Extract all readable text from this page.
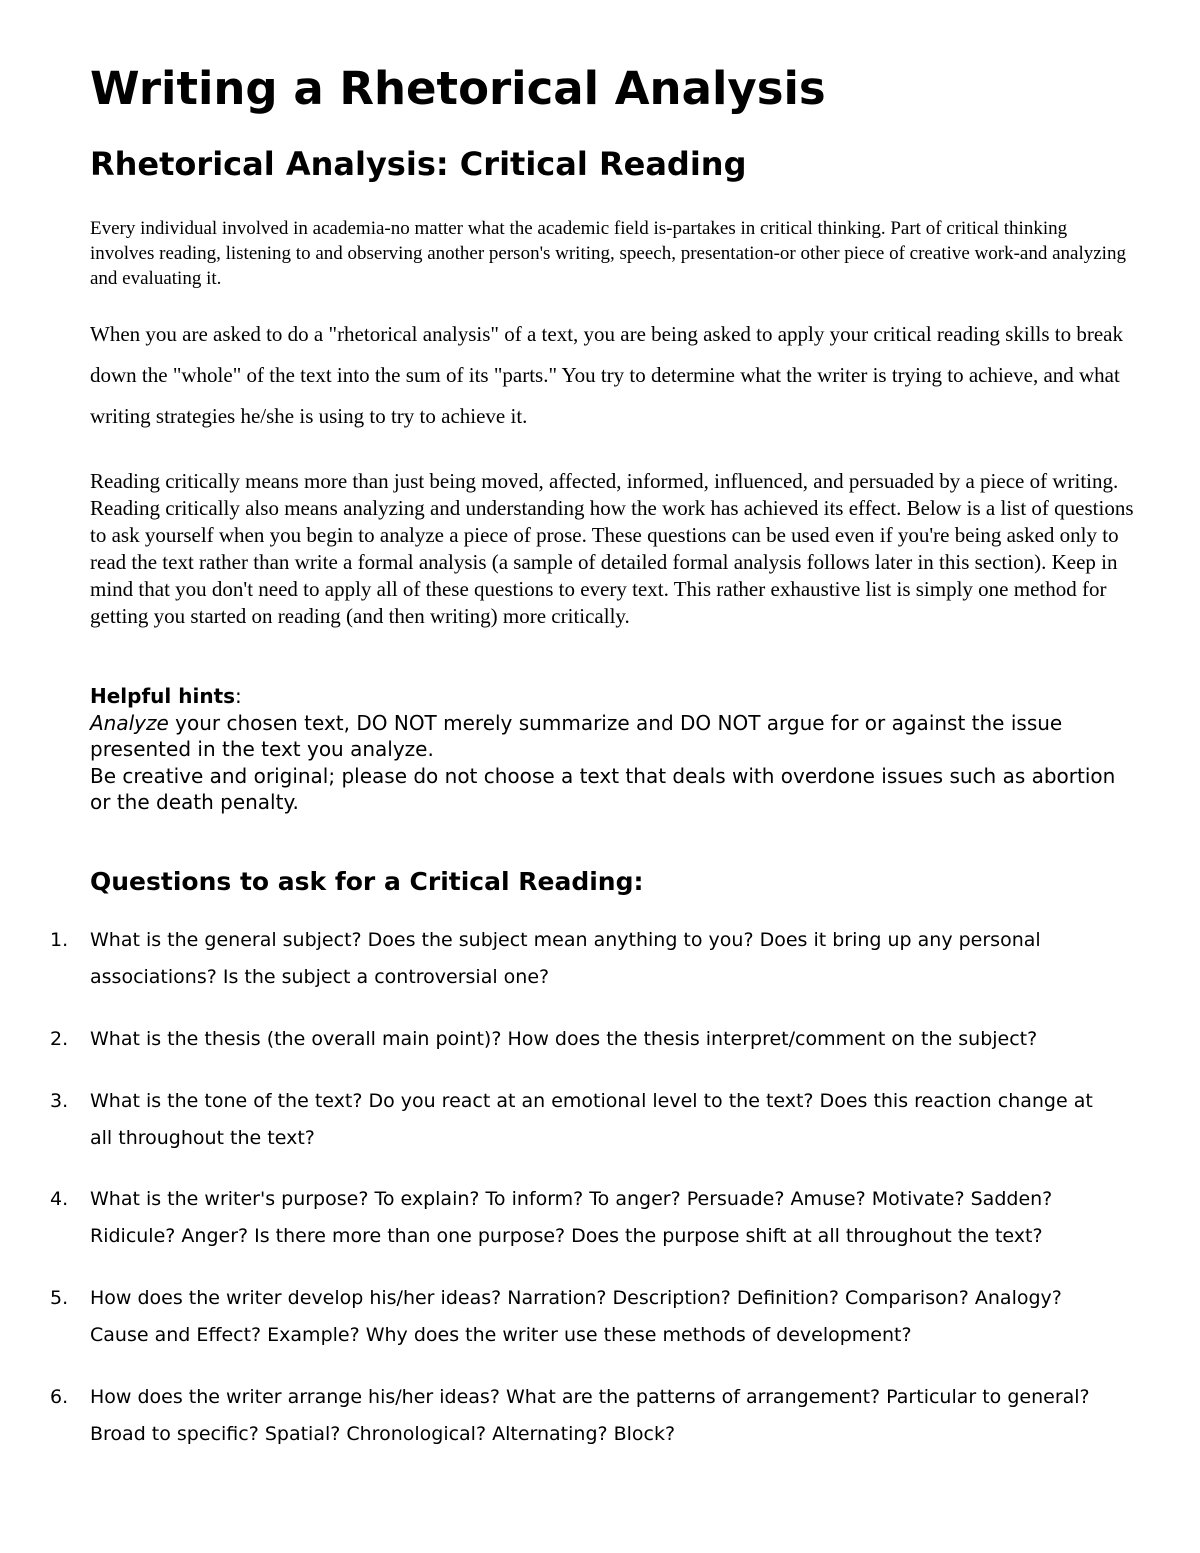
Writing a Rhetorical Analysis
Rhetorical Analysis: Critical Reading

Every individual involved in academia-no matter what the academic field is-partakes in critical thinking. Part of critical thinking involves reading, listening to and observing another person's writing, speech, presentation-or other piece of creative work-and analyzing and evaluating it.

When you are asked to do a "rhetorical analysis" of a text, you are being asked to apply your critical reading skills to break down the "whole" of the text into the sum of its "parts." You try to determine what the writer is trying to achieve, and what writing strategies he/she is using to try to achieve it.

Reading critically means more than just being moved, affected, informed, influenced, and persuaded by a piece of writing. Reading critically also means analyzing and understanding how the work has achieved its effect. Below is a list of questions to ask yourself when you begin to analyze a piece of prose. These questions can be used even if you're being asked only to read the text rather than write a formal analysis (a sample of detailed formal analysis follows later in this section). Keep in mind that you don't need to apply all of these questions to every text. This rather exhaustive list is simply one method for getting you started on reading (and then writing) more critically.

Helpful hints:
Analyze your chosen text, DO NOT merely summarize and DO NOT argue for or against the issue presented in the text you analyze.
Be creative and original; please do not choose a text that deals with overdone issues such as abortion or the death penalty.
Questions to ask for a Critical Reading:
1.	What is the general subject? Does the subject mean anything to you? Does it bring up any personal associations? Is the subject a controversial one?
2.	What is the thesis (the overall main point)? How does the thesis interpret/comment on the subject?
3.	What is the tone of the text? Do you react at an emotional level to the text? Does this reaction change at all throughout the text?
4.	What is the writer's purpose? To explain? To inform? To anger? Persuade? Amuse? Motivate? Sadden? Ridicule? Anger? Is there more than one purpose? Does the purpose shift at all throughout the text?
5.	How does the writer develop his/her ideas? Narration? Description? Definition? Comparison? Analogy? Cause and Effect? Example? Why does the writer use these methods of development?
6.	How does the writer arrange his/her ideas? What are the patterns of arrangement? Particular to general? Broad to specific? Spatial? Chronological? Alternating? Block?
